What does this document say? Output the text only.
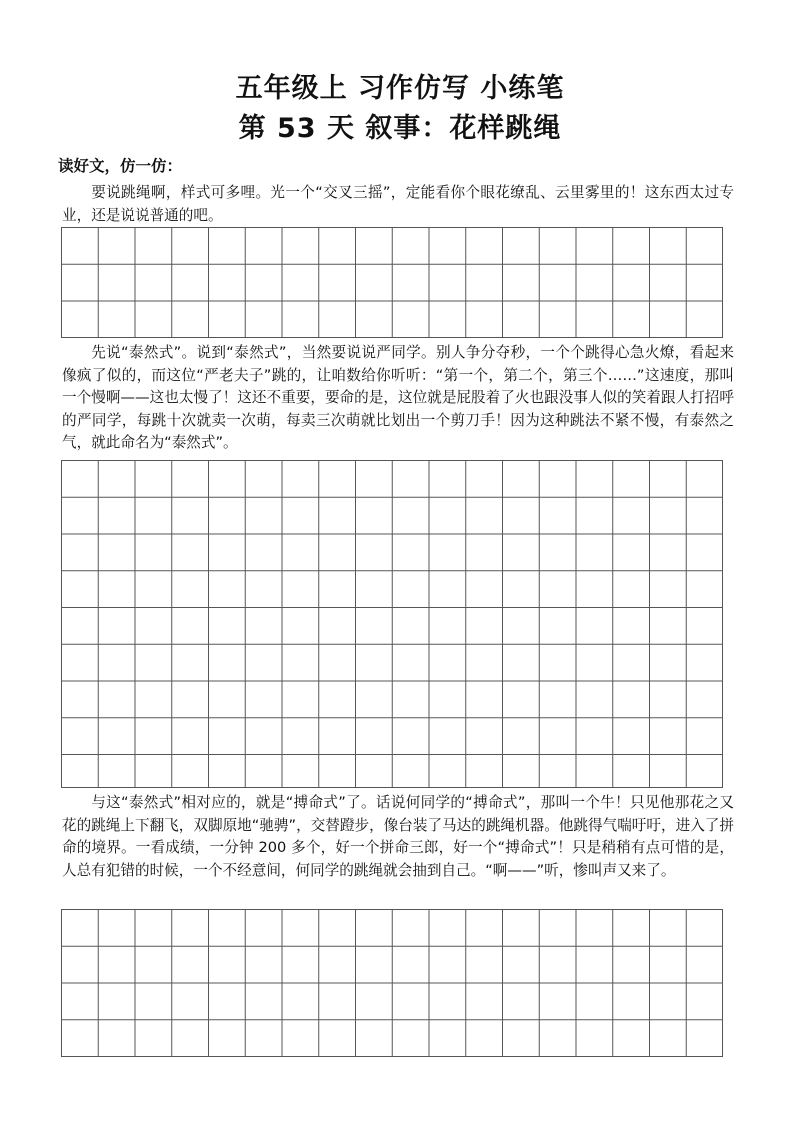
五年级上 习作仿写 小练笔
第 53 天 叙事：花样跳绳
读好文，仿一仿：

要说跳绳啊，样式可多哩。光一个“交叉三摇”，定能看你个眼花缭乱、云里雾里的！这东西太过专业，还是说说普通的吧。

先说“泰然式”。说到“泰然式”，当然要说说严同学。别人争分夺秒，一个个跳得心急火燎，看起来像疯了似的，而这位“严老夫子”跳的，让咱数给你听听：“第一个，第二个，第三个……”这速度，那叫一个慢啊——这也太慢了！这还不重要，要命的是，这位就是屁股着了火也跟没事人似的笑着跟人打招呼的严同学，每跳十次就卖一次萌，每卖三次萌就比划出一个剪刀手！因为这种跳法不紧不慢，有泰然之气，就此命名为“泰然式”。

与这“泰然式”相对应的，就是“搏命式”了。话说何同学的“搏命式”，那叫一个牛！只见他那花之又花的跳绳上下翻飞，双脚原地“驰骋”，交替蹬步，像台装了马达的跳绳机器。他跳得气喘吁吁，进入了拼命的境界。一看成绩，一分钟 200 多个，好一个拼命三郎，好一个“搏命式”！只是稍稍有点可惜的是，人总有犯错的时候，一个不经意间，何同学的跳绳就会抽到自己。“啊——”听，惨叫声又来了。
